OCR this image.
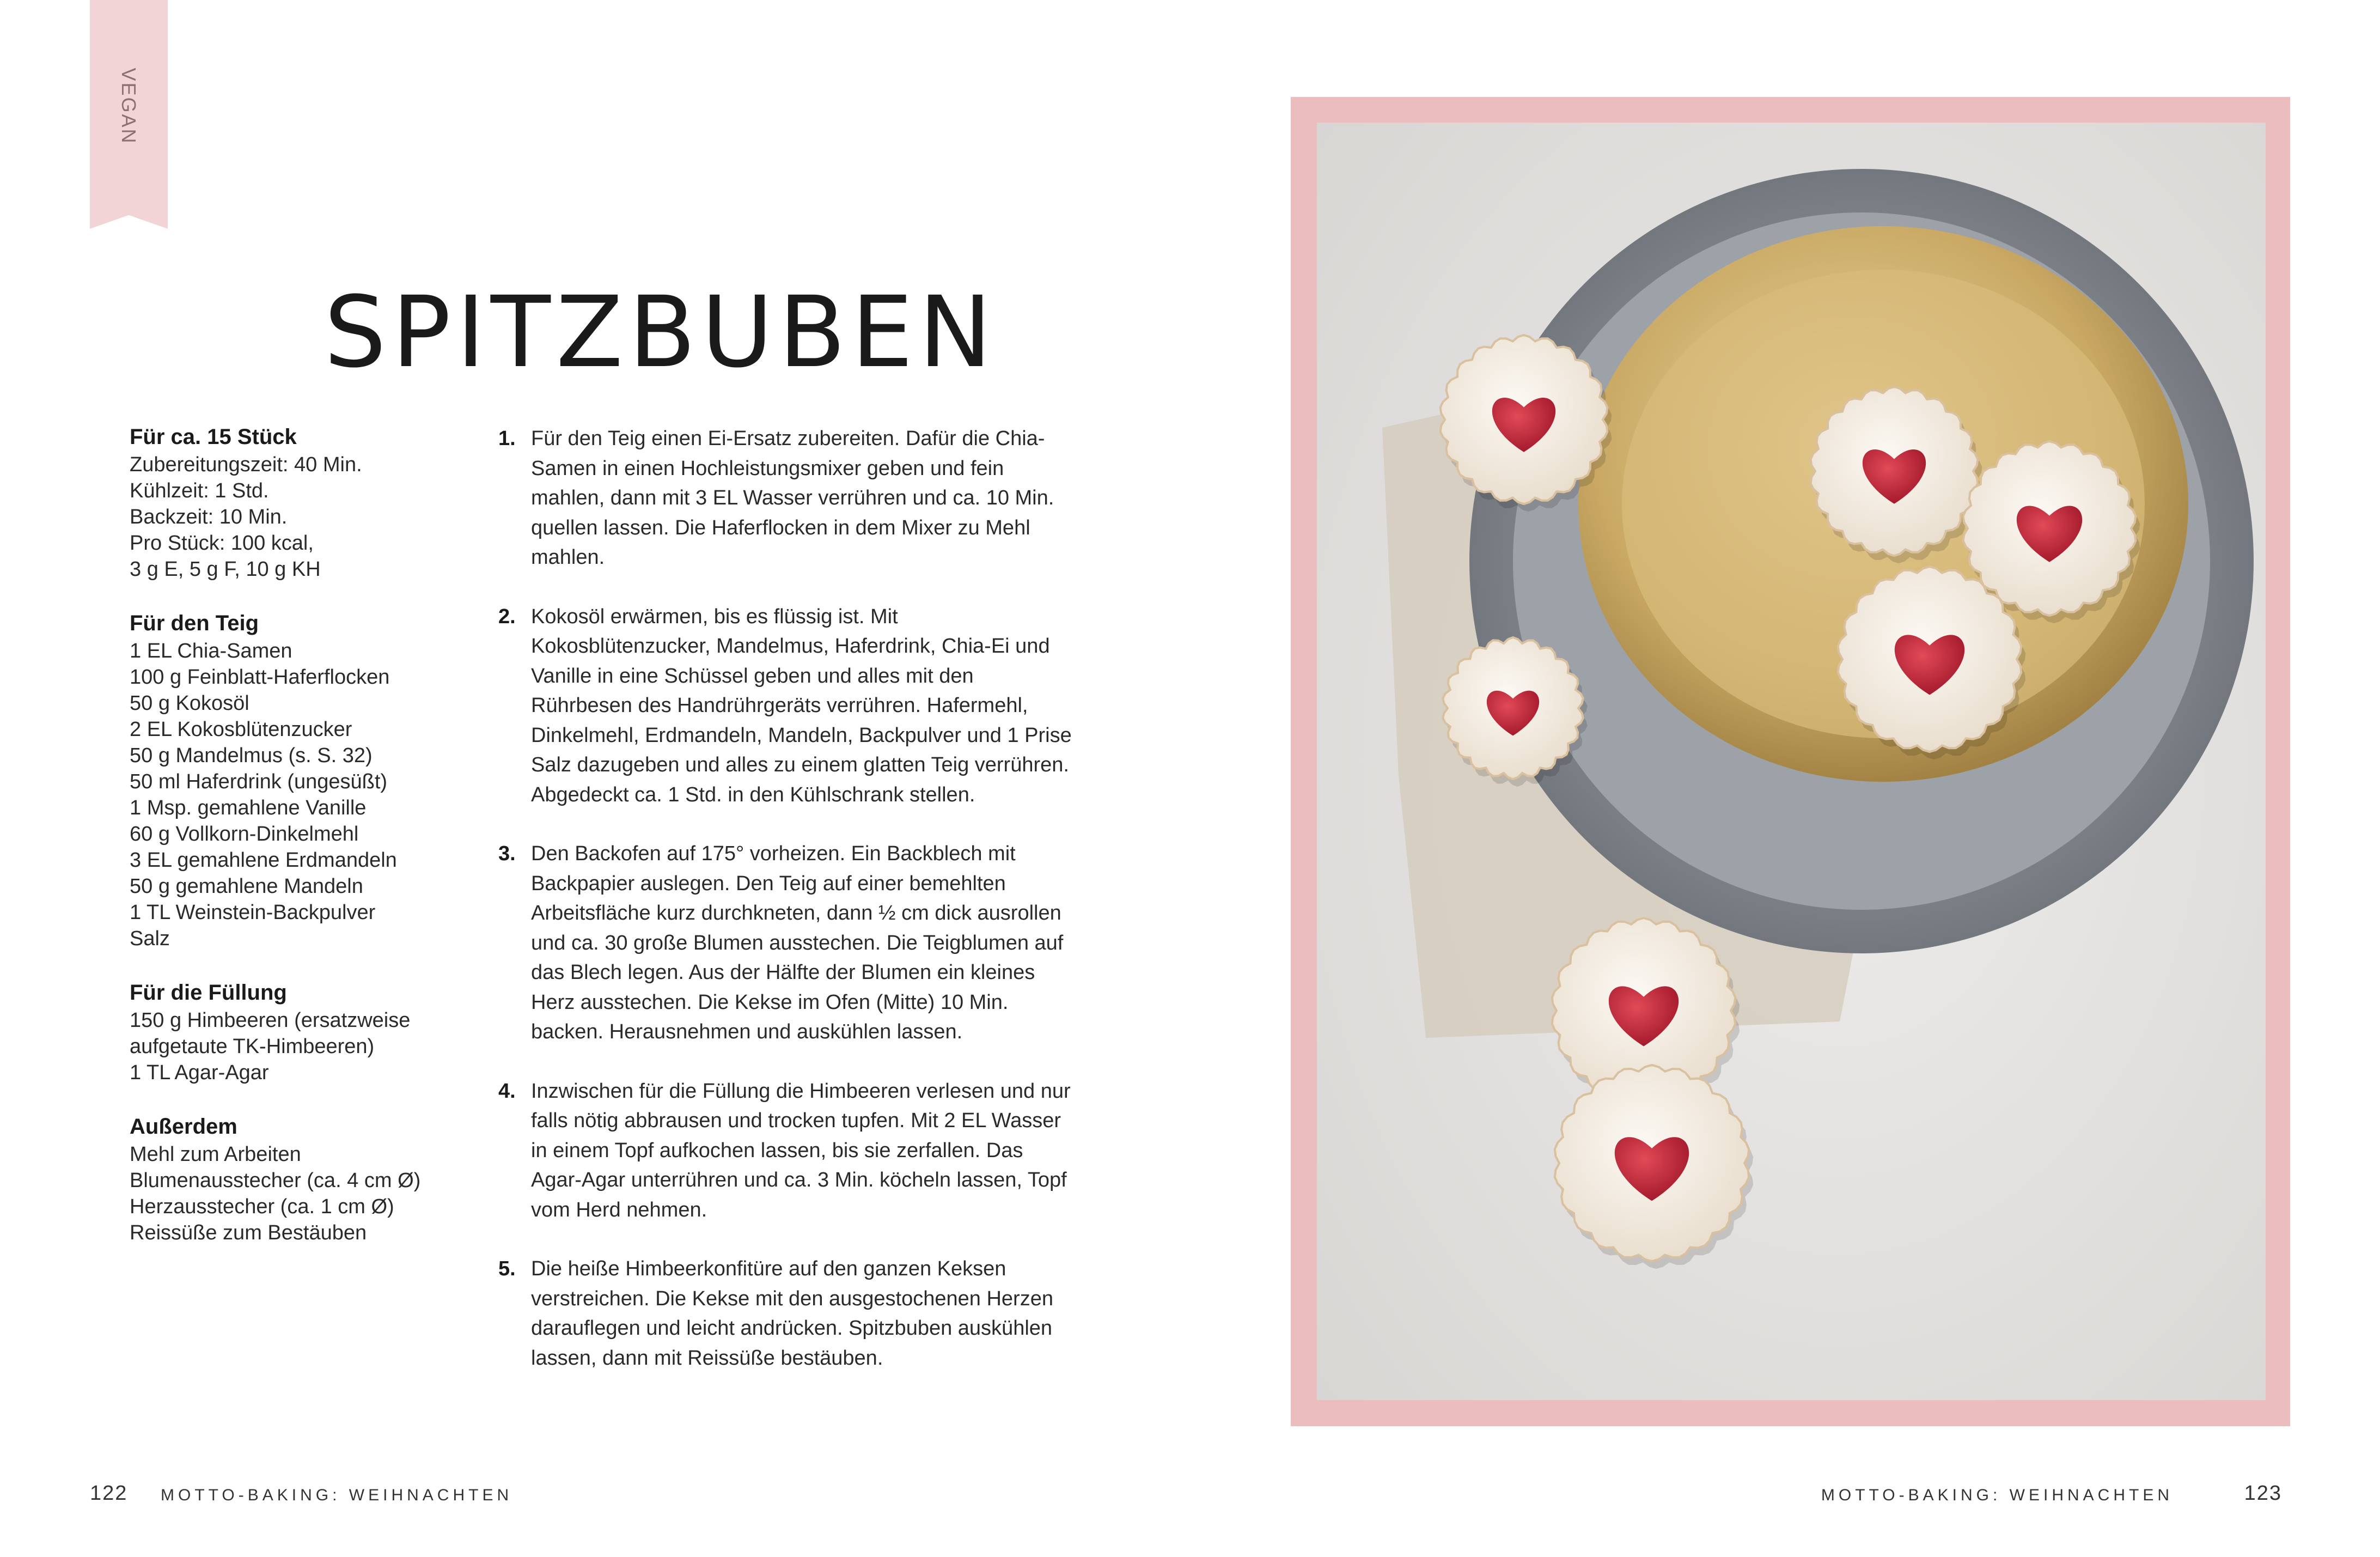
VEGAN
SPITZBUBEN
Für ca. 15 Stück
Zubereitungszeit: 40 Min.
Kühlzeit: 1 Std.
Backzeit: 10 Min.
Pro Stück: 100 kcal,
3 g E, 5 g F, 10 g KH
Für den Teig
1 EL Chia-Samen
100 g Feinblatt-Haferflocken
50 g Kokosöl
2 EL Kokosblütenzucker
50 g Mandelmus (s. S. 32)
50 ml Haferdrink (ungesüßt)
1 Msp. gemahlene Vanille
60 g Vollkorn-Dinkelmehl
3 EL gemahlene Erdmandeln
50 g gemahlene Mandeln
1 TL Weinstein-Backpulver
Salz
Für die Füllung
150 g Himbeeren (ersatzweise
aufgetaute TK-Himbeeren)
1 TL Agar-Agar
Außerdem
Mehl zum Arbeiten
Blumenausstecher (ca. 4 cm Ø)
Herzausstecher (ca. 1 cm Ø)
Reissüße zum Bestäuben
1. Für den Teig einen Ei-Ersatz zubereiten. Dafür die Chia-Samen in einen Hochleistungsmixer geben und fein mahlen, dann mit 3 EL Wasser verrühren und ca. 10 Min. quellen lassen. Die Haferflocken in dem Mixer zu Mehl mahlen.
2. Kokosöl erwärmen, bis es flüssig ist. Mit Kokosblütenzucker, Mandelmus, Haferdrink, Chia-Ei und Vanille in eine Schüssel geben und alles mit den Rührbesen des Handrührgeräts verrühren. Hafermehl, Dinkelmehl, Erdmandeln, Mandeln, Backpulver und 1 Prise Salz dazugeben und alles zu einem glatten Teig verrühren. Abgedeckt ca. 1 Std. in den Kühlschrank stellen.
3. Den Backofen auf 175° vorheizen. Ein Backblech mit Backpapier auslegen. Den Teig auf einer bemehlten Arbeitsfläche kurz durchkneten, dann ½ cm dick ausrollen und ca. 30 große Blumen ausstechen. Die Teigblumen auf das Blech legen. Aus der Hälfte der Blumen ein kleines Herz ausstechen. Die Kekse im Ofen (Mitte) 10 Min. backen. Herausnehmen und auskühlen lassen.
4. Inzwischen für die Füllung die Himbeeren verlesen und nur falls nötig abbrausen und trocken tupfen. Mit 2 EL Wasser in einem Topf aufkochen lassen, bis sie zerfallen. Das Agar-Agar unterrühren und ca. 3 Min. köcheln lassen, Topf vom Herd nehmen.
5. Die heiße Himbeerkonfitüre auf den ganzen Keksen verstreichen. Die Kekse mit den ausgestochenen Herzen darauflegen und leicht andrücken. Spitzbuben auskühlen lassen, dann mit Reissüße bestäuben.
122 MOTTO-BAKING: WEIHNACHTEN	MOTTO-BAKING: WEIHNACHTEN	123
